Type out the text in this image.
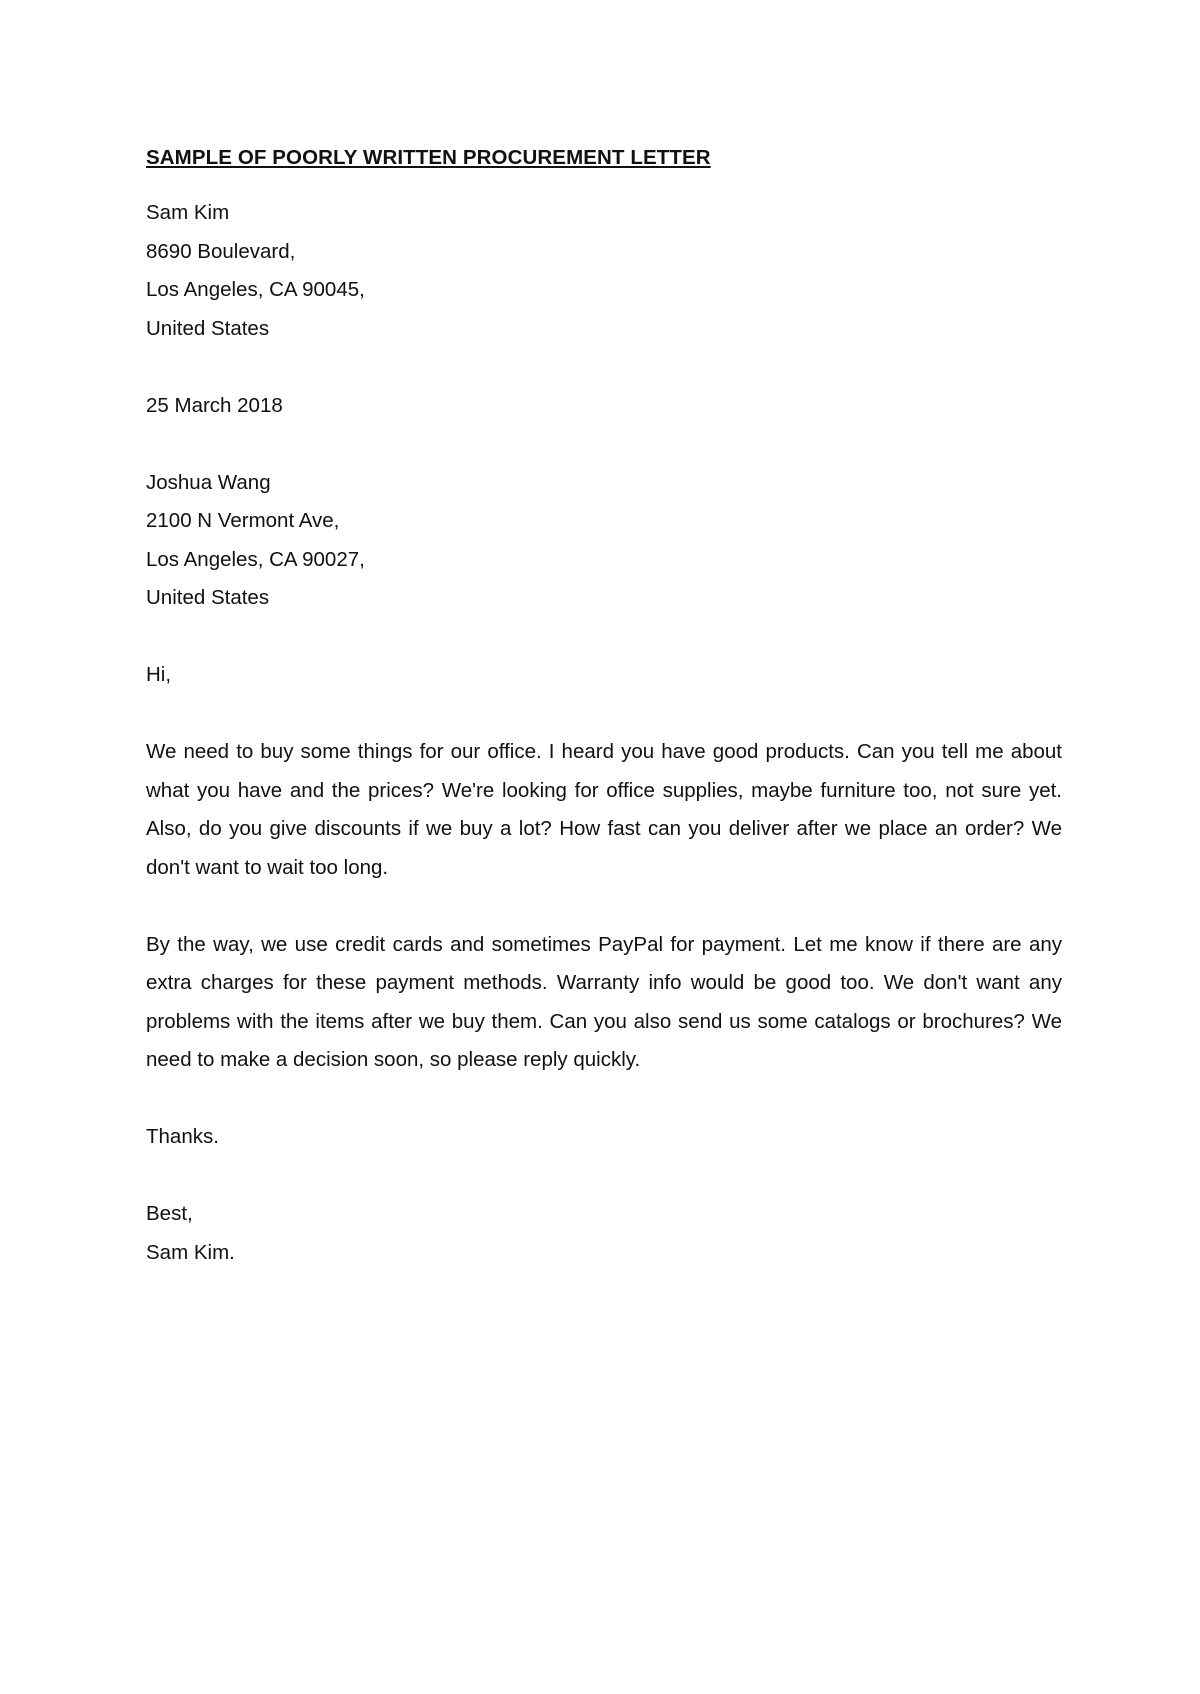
SAMPLE OF POORLY WRITTEN PROCUREMENT LETTER
Sam Kim
8690 Boulevard,
Los Angeles, CA 90045,
United States
25 March 2018
Joshua Wang
2100 N Vermont Ave,
Los Angeles, CA 90027,
United States
Hi,

We need to buy some things for our office. I heard you have good products. Can you tell me about what you have and the prices? We're looking for office supplies, maybe furniture too, not sure yet. Also, do you give discounts if we buy a lot? How fast can you deliver after we place an order? We don't want to wait too long.

By the way, we use credit cards and sometimes PayPal for payment. Let me know if there are any extra charges for these payment methods. Warranty info would be good too. We don't want any problems with the items after we buy them. Can you also send us some catalogs or brochures? We need to make a decision soon, so please reply quickly.

Thanks.
Best,
Sam Kim.
